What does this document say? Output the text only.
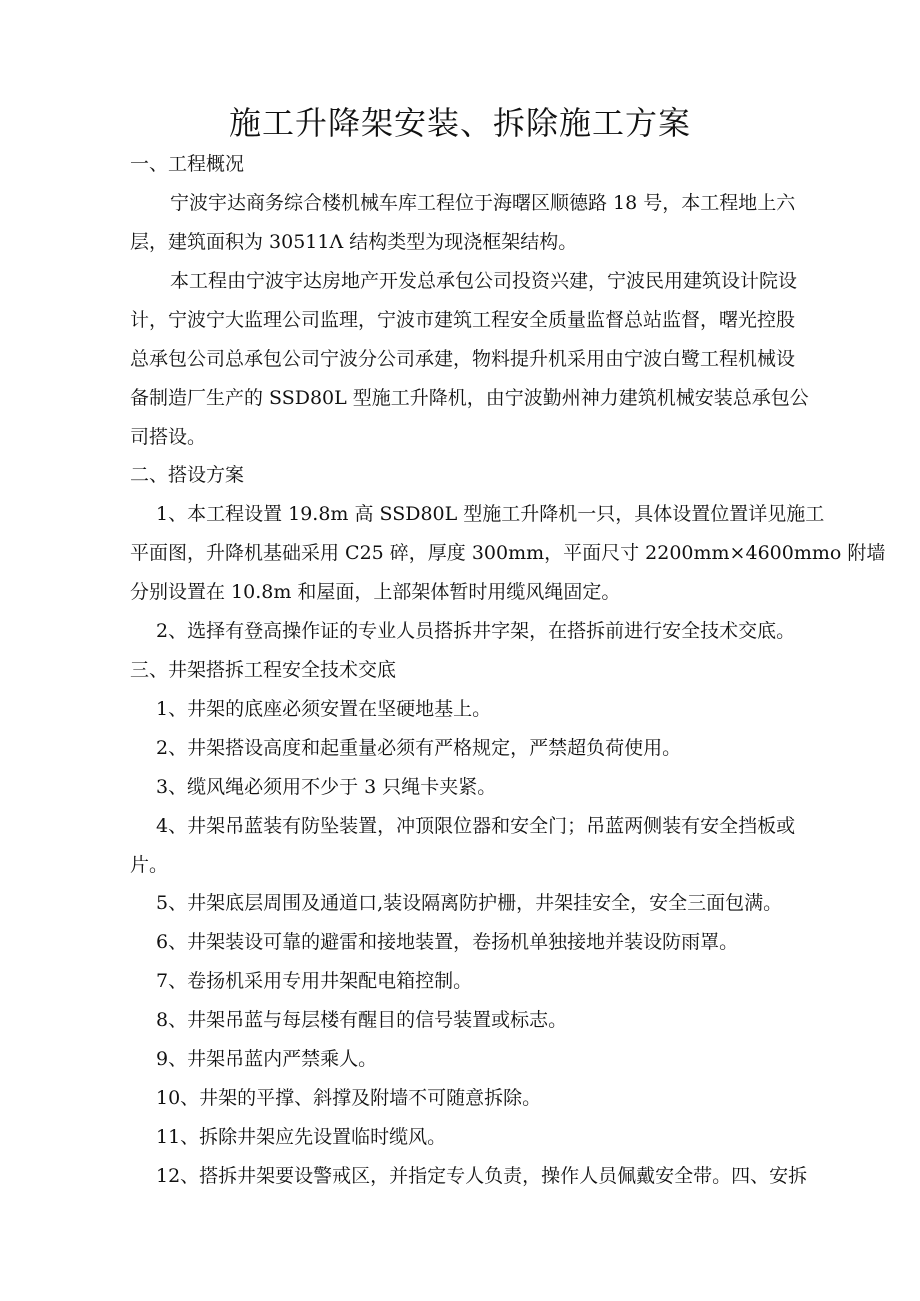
施工升降架安装、拆除施工方案
一、工程概况
宁波宇达商务综合楼机械车库工程位于海曙区顺德路 18 号，本工程地上六
层，建筑面积为 30511Λ 结构类型为现浇框架结构。
本工程由宁波宇达房地产开发总承包公司投资兴建，宁波民用建筑设计院设
计，宁波宁大监理公司监理，宁波市建筑工程安全质量监督总站监督，曙光控股
总承包公司总承包公司宁波分公司承建，物料提升机采用由宁波白鹭工程机械设
备制造厂生产的 SSD80L 型施工升降机，由宁波勤州神力建筑机械安装总承包公
司搭设。
二、搭设方案
1、本工程设置 19.8m 高 SSD80L 型施工升降机一只，具体设置位置详见施工
平面图，升降机基础采用 C25 碎，厚度 300mm，平面尺寸 2200mm×4600mmo 附墙
分别设置在 10.8m 和屋面，上部架体暂时用缆风绳固定。
2、选择有登高操作证的专业人员搭拆井字架，在搭拆前进行安全技术交底。
三、井架搭拆工程安全技术交底
1、井架的底座必须安置在坚硬地基上。
2、井架搭设高度和起重量必须有严格规定，严禁超负荷使用。
3、缆风绳必须用不少于 3 只绳卡夹紧。
4、井架吊蓝装有防坠装置，冲顶限位器和安全门；吊蓝两侧装有安全挡板或
片。
5、井架底层周围及通道口,装设隔离防护栅，井架挂安全，安全三面包满。
6、井架装设可靠的避雷和接地装置，卷扬机单独接地并装设防雨罩。
7、卷扬机采用专用井架配电箱控制。
8、井架吊蓝与每层楼有醒目的信号装置或标志。
9、井架吊蓝内严禁乘人。
10、井架的平撑、斜撑及附墙不可随意拆除。
11、拆除井架应先设置临时缆风。
12、搭拆井架要设警戒区，并指定专人负责，操作人员佩戴安全带。四、安拆
